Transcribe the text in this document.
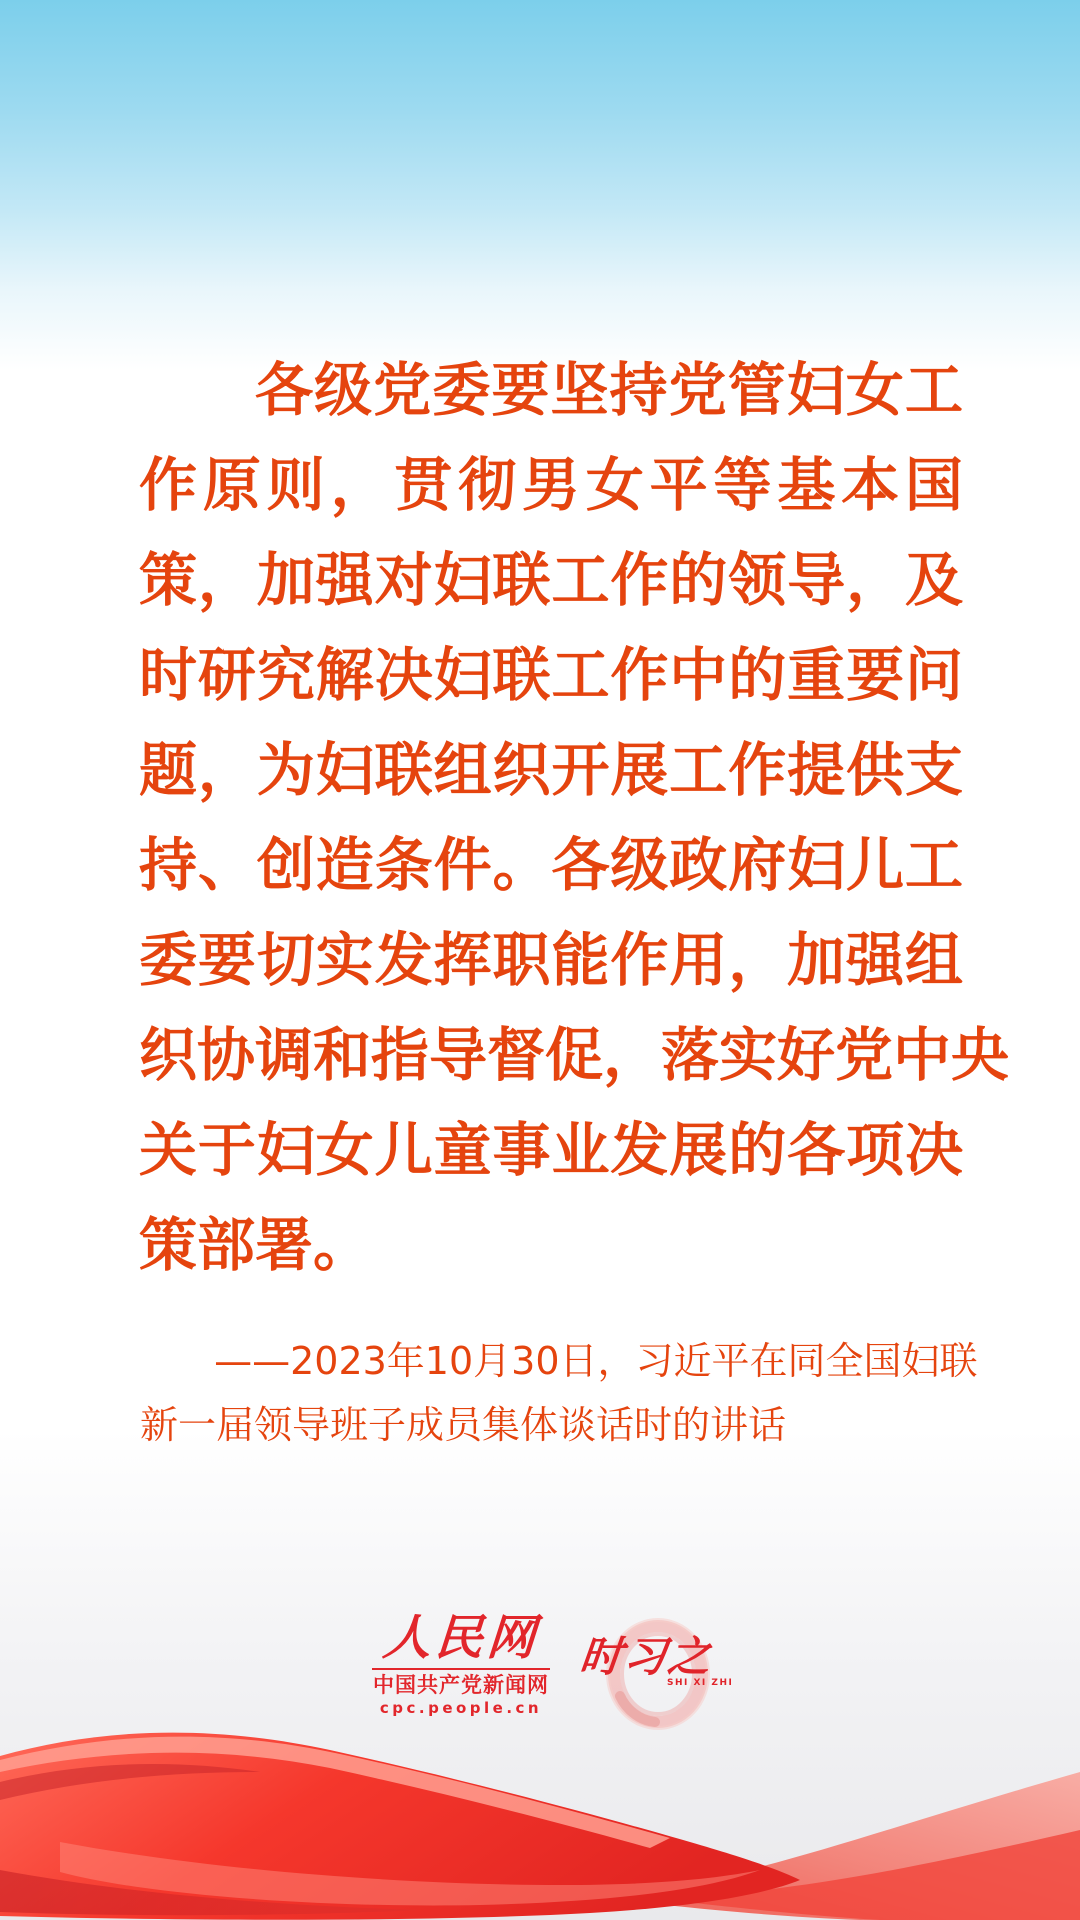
各级党委要坚持党管妇女工
作原则，贯彻男女平等基本国
策，加强对妇联工作的领导，及
时研究解决妇联工作中的重要问
题，为妇联组织开展工作提供支
持、创造条件。各级政府妇儿工
委要切实发挥职能作用，加强组
织协调和指导督促，落实好党中央
关于妇女儿童事业发展的各项决
策部署。
——2023年10月30日，习近平在同全国妇联
新一届领导班子成员集体谈话时的讲话
人民网
中国共产党新闻网
cpc.people.cn
时习之
SHI XI ZHI
